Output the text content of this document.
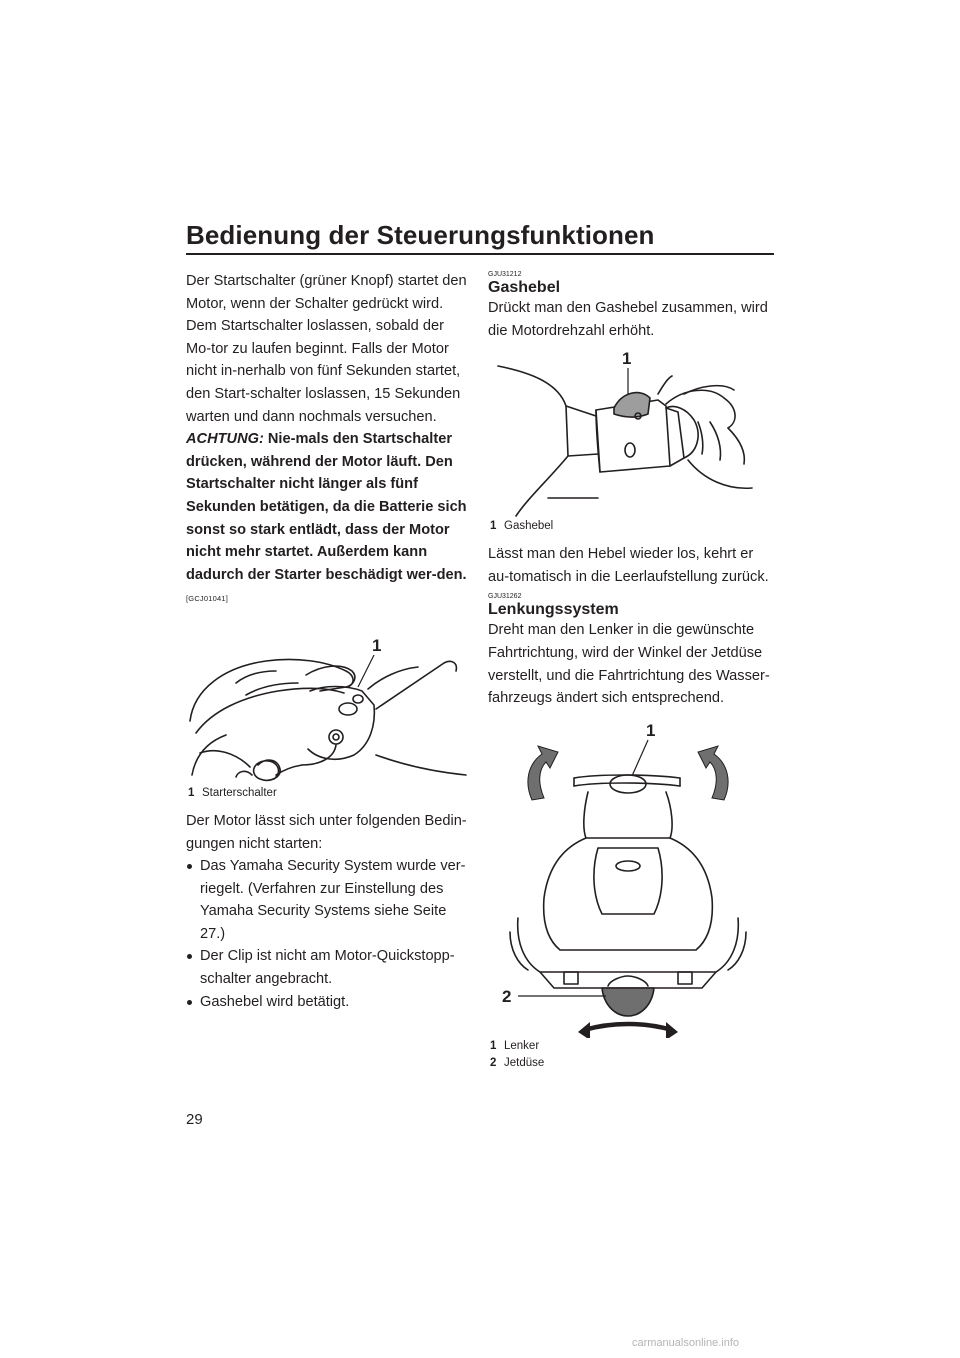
Bedienung der Steuerungsfunktionen

Der Startschalter (grüner Knopf) startet den Motor, wenn der Schalter gedrückt wird. Dem Startschalter loslassen, sobald der Mo-tor zu laufen beginnt. Falls der Motor nicht in-nerhalb von fünf Sekunden startet, den Start-schalter loslassen, 15 Sekunden warten und dann nochmals versuchen. ACHTUNG: Nie-mals den Startschalter drücken, während der Motor läuft. Den Startschalter nicht länger als fünf Sekunden betätigen, da die Batterie sich sonst so stark entlädt, dass der Motor nicht mehr startet. Außerdem kann dadurch der Starter beschädigt wer-den. [GCJ01041]

1
1 Starterschalter

Der Motor lässt sich unter folgenden Bedin-gungen nicht starten:

Das Yamaha Security System wurde ver-riegelt. (Verfahren zur Einstellung des Yamaha Security Systems siehe Seite 27.)
Der Clip ist nicht am Motor-Quickstopp-schalter angebracht.
Gashebel wird betätigt.

GJU31212

Gashebel

Drückt man den Gashebel zusammen, wird die Motordrehzahl erhöht.

1
1 Gashebel

Lässt man den Hebel wieder los, kehrt er au-tomatisch in die Leerlaufstellung zurück.

GJU31262

Lenkungssystem

Dreht man den Lenker in die gewünschte Fahrtrichtung, wird der Winkel der Jetdüse verstellt, und die Fahrtrichtung des Wasser-fahrzeugs ändert sich entsprechend.

1
2
1 Lenker
2 Jetdüse

29

carmanualsonline.info
